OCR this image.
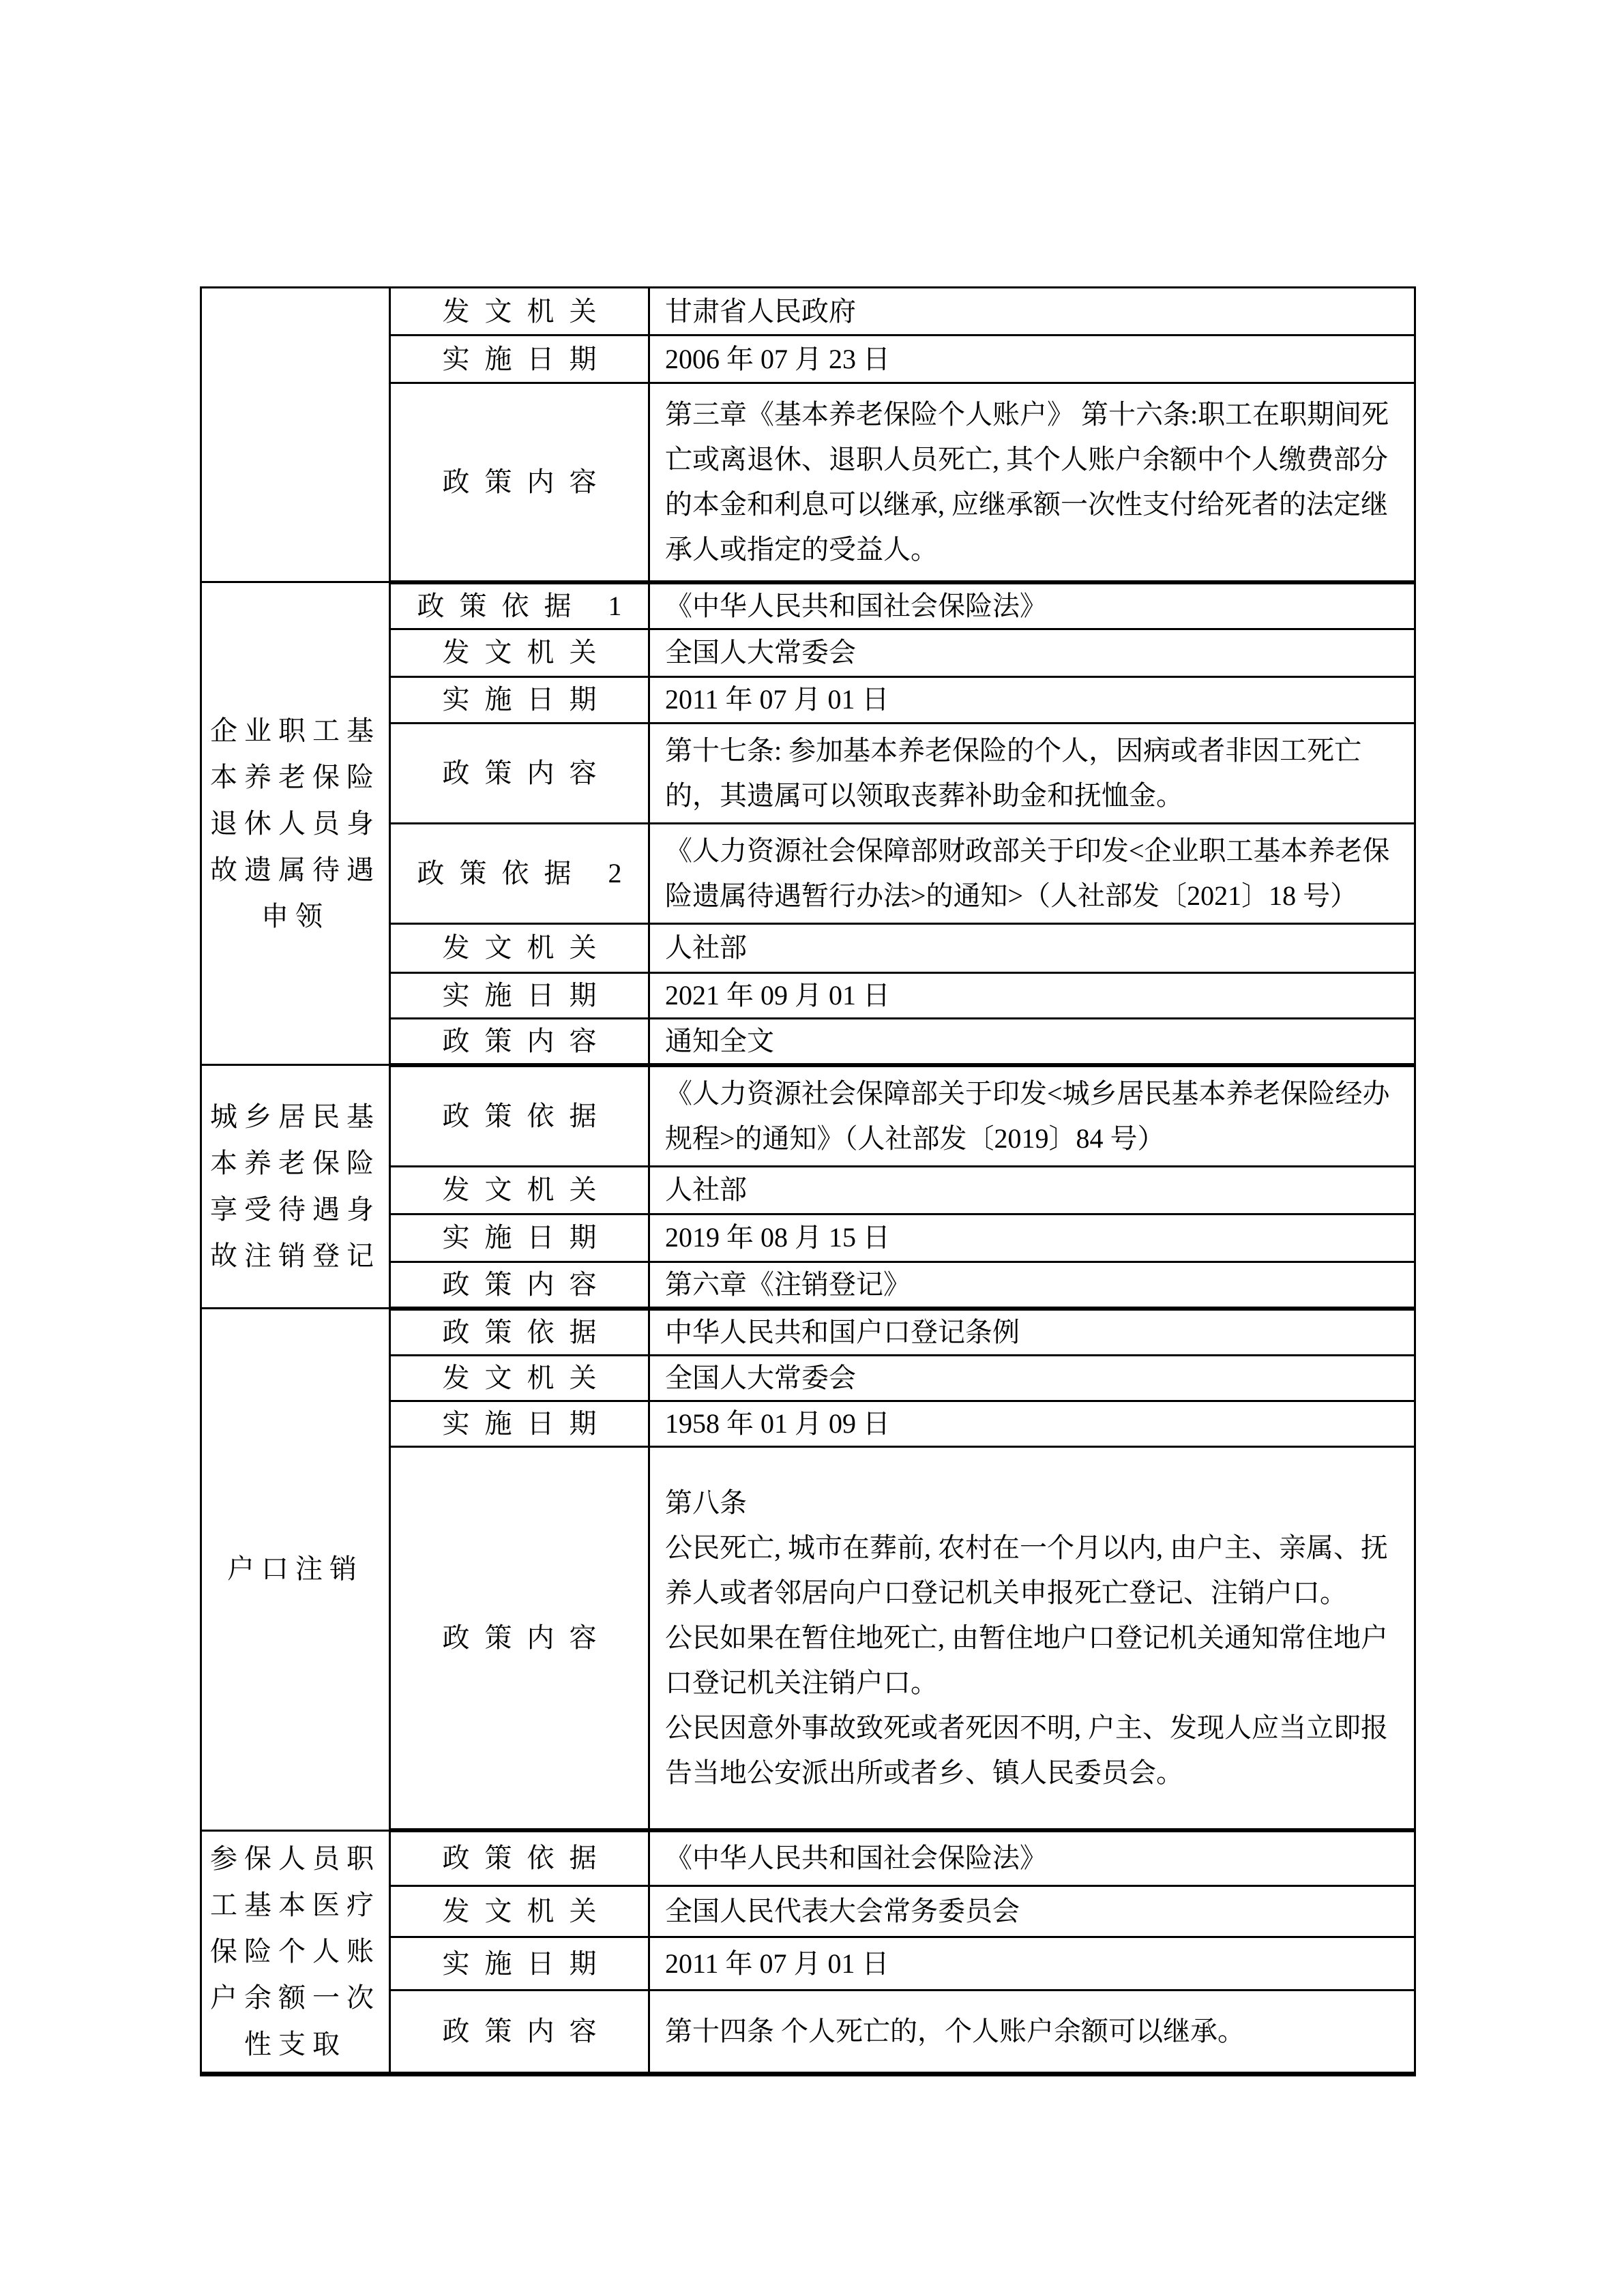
	发文机关	甘肃省人民政府
	实施日期	2006 年 07 月 23 日
	政策内容	第三章《基本养老保险个人账户》 第十六条:职工在职期间死亡或离退休、退职人员死亡, 其个人账户余额中个人缴费部分的本金和利息可以继承, 应继承额一次性支付给死者的法定继承人或指定的受益人。
企业职工基本养老保险退休人员身故遗属待遇申领	政策依据 1	《中华人民共和国社会保险法》
	发文机关	全国人大常委会
	实施日期	2011 年 07 月 01 日
	政策内容	第十七条: 参加基本养老保险的个人，因病或者非因工死亡的，其遗属可以领取丧葬补助金和抚恤金。
	政策依据 2	《人力资源社会保障部财政部关于印发<企业职工基本养老保险遗属待遇暂行办法>的通知>（人社部发〔2021〕18 号）
	发文机关	人社部
	实施日期	2021 年 09 月 01 日
	政策内容	通知全文
城乡居民基本养老保险享受待遇身故注销登记	政策依据	《人力资源社会保障部关于印发<城乡居民基本养老保险经办规程>的通知》（人社部发〔2019〕84 号）
	发文机关	人社部
	实施日期	2019 年 08 月 15 日
	政策内容	第六章《注销登记》
户口注销	政策依据	中华人民共和国户口登记条例
	发文机关	全国人大常委会
	实施日期	1958 年 01 月 09 日
	政策内容	第八条
公民死亡, 城市在葬前, 农村在一个月以内, 由户主、亲属、抚养人或者邻居向户口登记机关申报死亡登记、注销户口。
公民如果在暂住地死亡, 由暂住地户口登记机关通知常住地户口登记机关注销户口。
公民因意外事故致死或者死因不明, 户主、发现人应当立即报告当地公安派出所或者乡、镇人民委员会。

参保人员职工基本医疗保险个人账户余额一次性支取	政策依据	《中华人民共和国社会保险法》
	发文机关	全国人民代表大会常务委员会
	实施日期	2011 年 07 月 01 日
	政策内容	第十四条 个人死亡的，个人账户余额可以继承。
